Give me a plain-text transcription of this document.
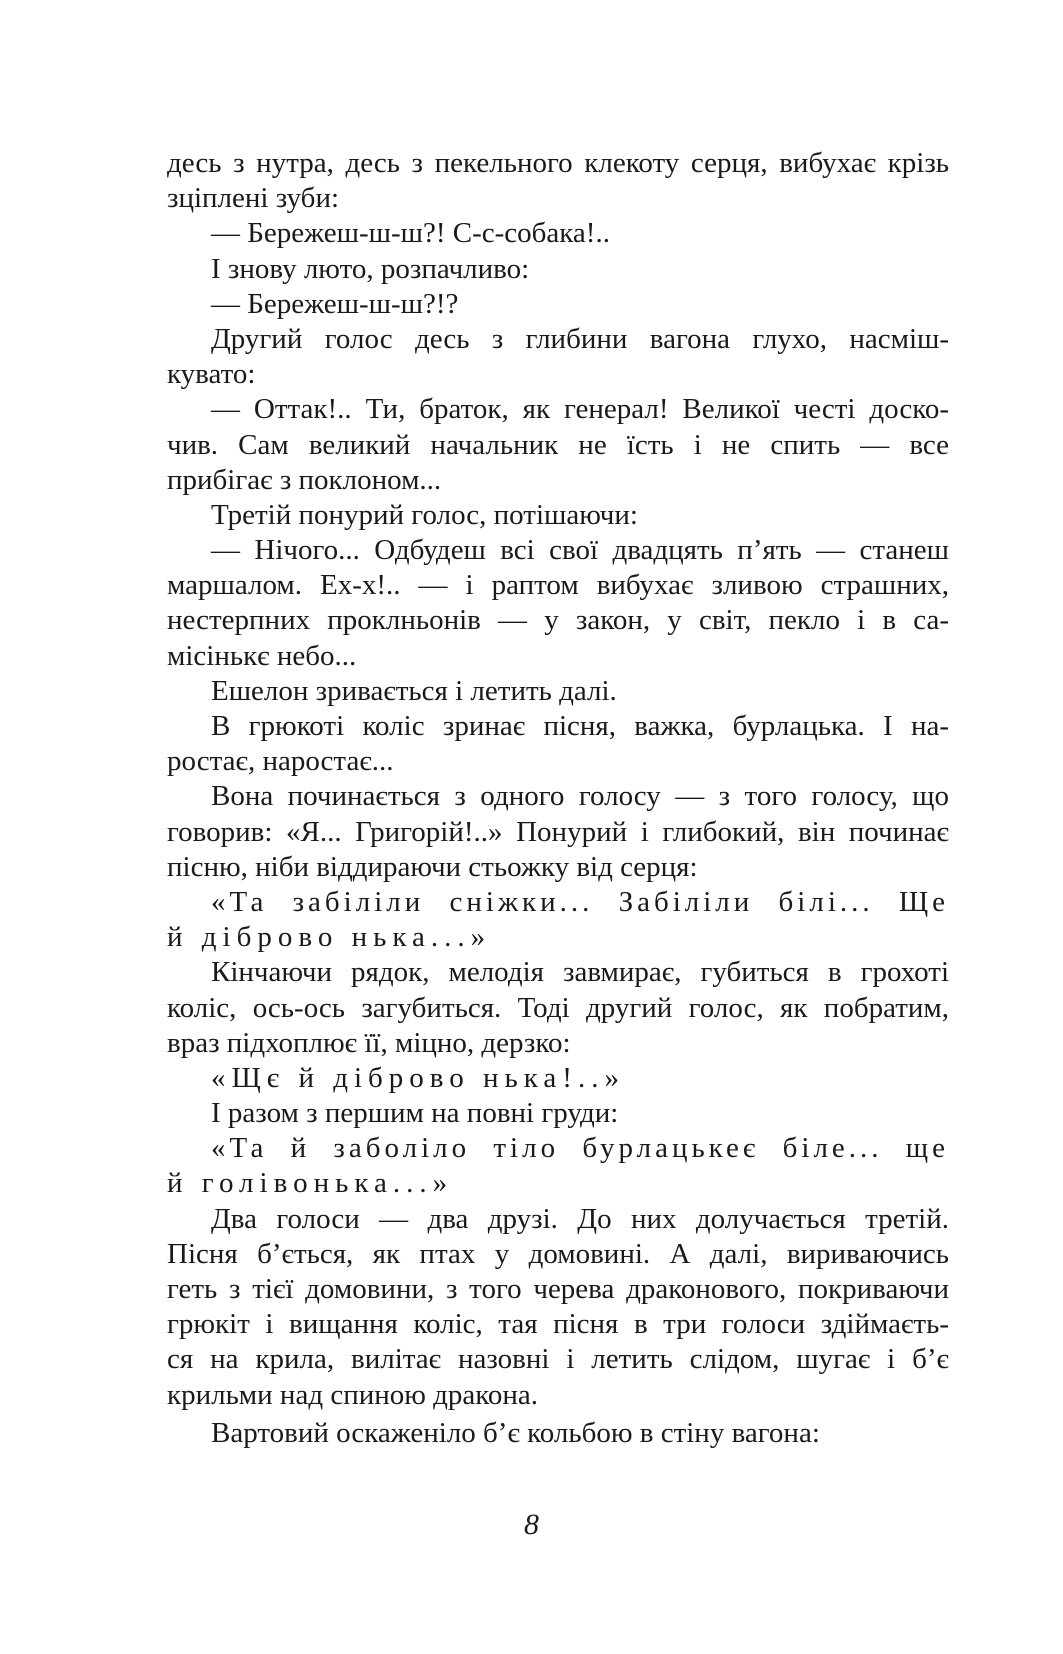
десь з нутра, десь з пекельного клекоту серця, вибухає крізь
зціплені зуби:
— Бережеш-ш-ш?! С-с-собака!..
І знову люто, розпачливо:
— Бережеш-ш-ш?!?
Другий голос десь з глибини вагона глухо, насміш-
кувато:
— Оттак!.. Ти, браток, як генерал! Великої честі доско-
чив. Сам великий начальник не їсть і не спить — все
прибігає з поклоном...
Третій понурий голос, потішаючи:
— Нічого... Одбудеш всі свої двадцять п’ять — станеш
маршалом. Ех-х!.. — і раптом вибухає зливою страшних,
нестерпних проклньонів — у закон, у світ, пекло і в са-
місінькє небо...
Ешелон зривається і летить далі.
В грюкоті коліс зринає пісня, важка, бурлацька. І на-
ростає, наростає...
Вона починається з одного голосу — з того голосу, що
говорив: «Я... Григорій!..» Понурий і глибокий, він починає
пісню, ніби віддираючи стьожку від серця:
«Та забіліли сніжки... Забіліли білі... Ще
й діброво нька...»
Кінчаючи рядок, мелодія завмирає, губиться в грохоті
коліс, ось-ось загубиться. Тоді другий голос, як побратим,
враз підхоплює її, міцно, дерзко:
«Щє й діброво нька!..»
І разом з першим на повні груди:
«Та й заболіло тіло бурлацькеє біле... ще
й голівонька...»
Два голоси — два друзі. До них долучається третій.
Пісня б’ється, як птах у домовині. А далі, вириваючись
геть з тієї домовини, з того черева драконового, покриваючи
грюкіт і вищання коліс, тая пісня в три голоси здіймаєть-
ся на крила, вилітає назовні і летить слідом, шугає і б’є
крильми над спиною дракона.
Вартовий оскаженіло б’є кольбою в стіну вагона:
8
